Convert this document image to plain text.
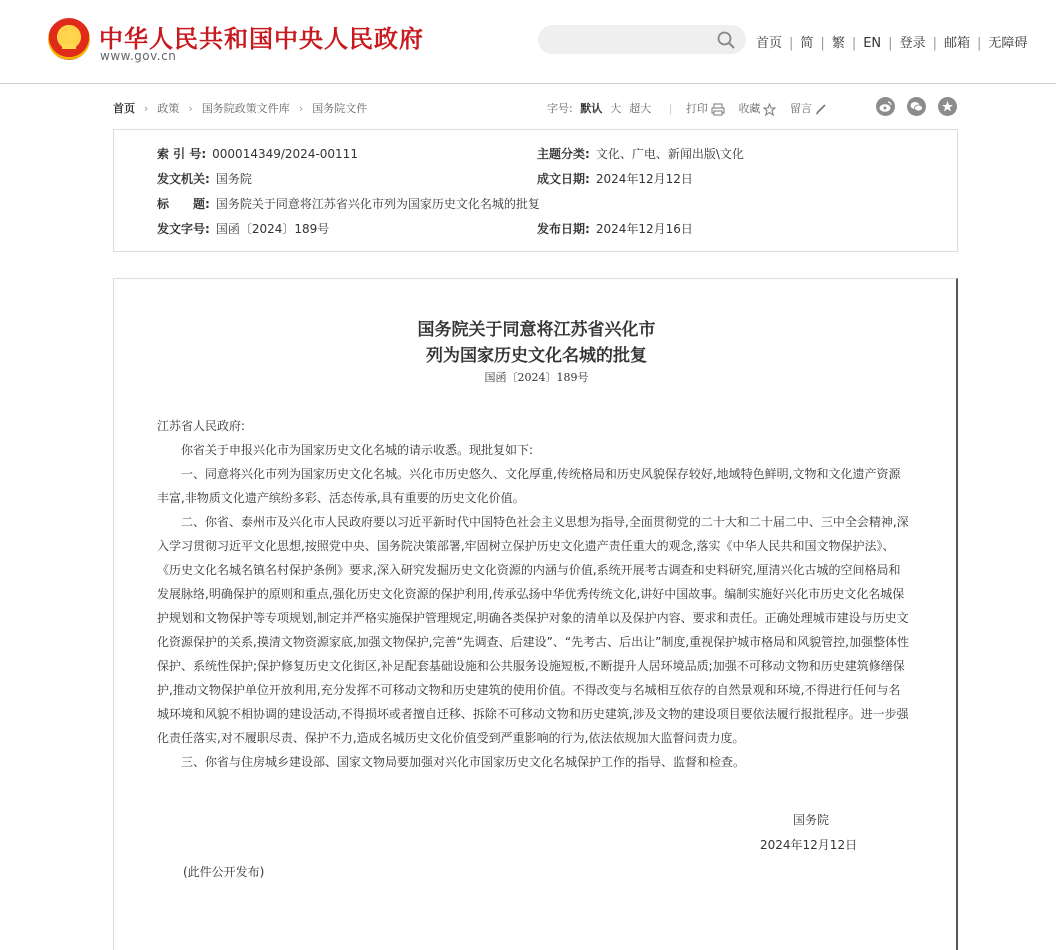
中华人民共和国中央人民政府
www.gov.cn
首页 | 简 | 繁 | EN | 登录 | 邮箱 | 无障碍
首页 › 政策 › 国务院政策文件库 › 国务院文件	字号: 默认 大 超大 | 打印	收藏	留言
索 引 号: 000014349/2024-00111	主题分类: 文化、广电、新闻出版\文化
发文机关: 国务院	成文日期: 2024年12月12日
标　　题: 国务院关于同意将江苏省兴化市列为国家历史文化名城的批复
发文字号: 国函〔2024〕189号	发布日期: 2024年12月16日
国务院关于同意将江苏省兴化市
列为国家历史文化名城的批复
国函〔2024〕189号

江苏省人民政府:

你省关于申报兴化市为国家历史文化名城的请示收悉。现批复如下:

一、同意将兴化市列为国家历史文化名城。兴化市历史悠久、文化厚重,传统格局和历史风貌保存较好,地域特色鲜明,文物和文化遗产资源丰富,非物质文化遗产缤纷多彩、活态传承,具有重要的历史文化价值。

二、你省、泰州市及兴化市人民政府要以习近平新时代中国特色社会主义思想为指导,全面贯彻党的二十大和二十届二中、三中全会精神,深入学习贯彻习近平文化思想,按照党中央、国务院决策部署,牢固树立保护历史文化遗产责任重大的观念,落实《中华人民共和国文物保护法》、《历史文化名城名镇名村保护条例》要求,深入研究发掘历史文化资源的内涵与价值,系统开展考古调查和史料研究,厘清兴化古城的空间格局和发展脉络,明确保护的原则和重点,强化历史文化资源的保护利用,传承弘扬中华优秀传统文化,讲好中国故事。编制实施好兴化市历史文化名城保护规划和文物保护等专项规划,制定并严格实施保护管理规定,明确各类保护对象的清单以及保护内容、要求和责任。正确处理城市建设与历史文化资源保护的关系,摸清文物资源家底,加强文物保护,完善“先调查、后建设”、“先考古、后出让”制度,重视保护城市格局和风貌管控,加强整体性保护、系统性保护;保护修复历史文化街区,补足配套基础设施和公共服务设施短板,不断提升人居环境品质;加强不可移动文物和历史建筑修缮保护,推动文物保护单位开放利用,充分发挥不可移动文物和历史建筑的使用价值。不得改变与名城相互依存的自然景观和环境,不得进行任何与名城环境和风貌不相协调的建设活动,不得损坏或者擅自迁移、拆除不可移动文物和历史建筑,涉及文物的建设项目要依法履行报批程序。进一步强化责任落实,对不履职尽责、保护不力,造成名城历史文化价值受到严重影响的行为,依法依规加大监督问责力度。

三、你省与住房城乡建设部、国家文物局要加强对兴化市国家历史文化名城保护工作的指导、监督和检查。

国务院
2024年12月12日
(此件公开发布)
